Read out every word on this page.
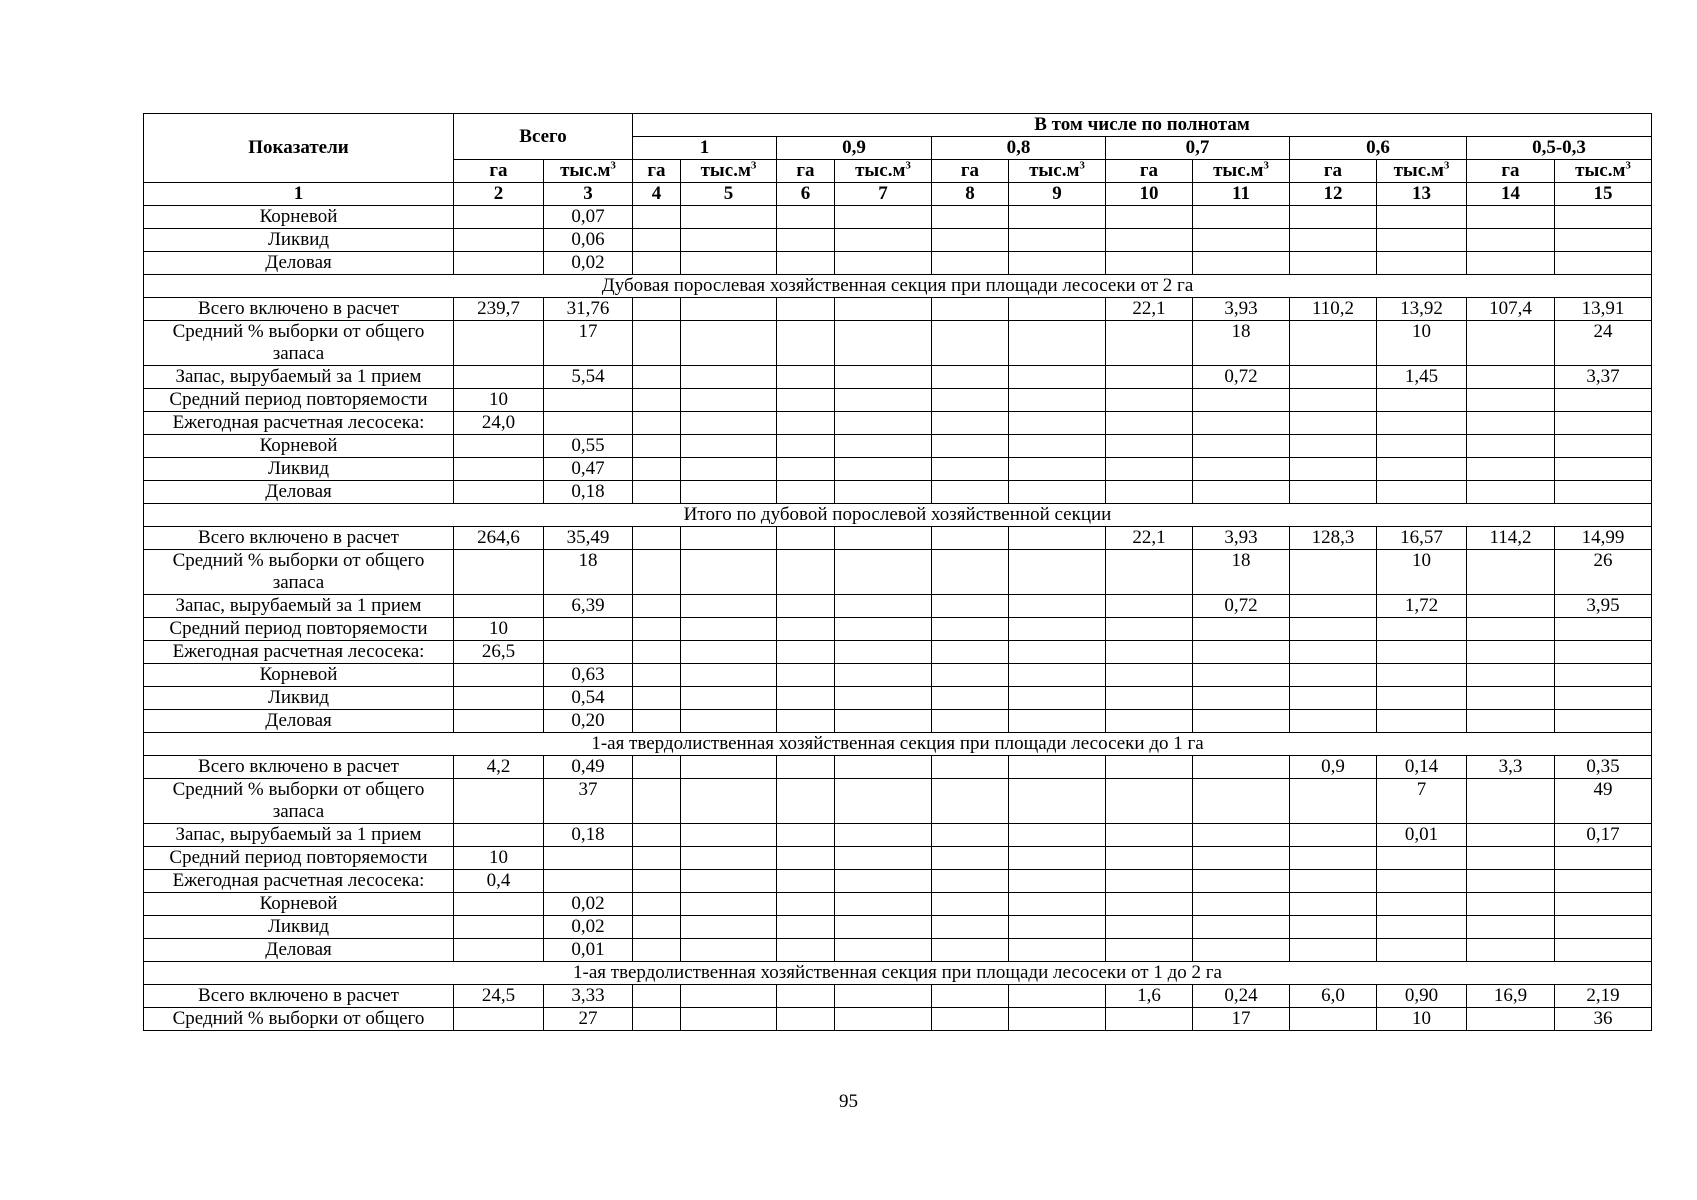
Показатели	Всего		В том числе по полнотам											
			1		0,9		0,8		0,7		0,6		0,5-0,3	
	га	$тыс.м^3$	га	$тыс.м^3$	га	$тыс.м^3$	га	$тыс.м^3$	га	$тыс.м^3$	га	$тыс.м^3$	га	$тыс.м^3$
1	2	3	4	5	6	7	8	9	10	11	12	13	14	15
Корневой		0,07												
Ликвид		0,06												
Деловая		0,02												
Дубовая порослевая хозяйственная секция при площади лесосеки от 2 га														
Всего включено в расчет	239,7	31,76							22,1	3,93	110,2	13,92	107,4	13,91
Средний % выборки от общего запаса		17								18		10		24
Запас, вырубаемый за 1 прием		5,54								0,72		1,45		3,37
Средний период повторяемости	10													
Ежегодная расчетная лесосека:	24,0													
Корневой		0,55												
Ликвид		0,47												
Деловая		0,18												
Итого по дубовой порослевой хозяйственной секции														
Всего включено в расчет	264,6	35,49							22,1	3,93	128,3	16,57	114,2	14,99
Средний % выборки от общего запаса		18								18		10		26
Запас, вырубаемый за 1 прием		6,39								0,72		1,72		3,95
Средний период повторяемости	10													
Ежегодная расчетная лесосека:	26,5													
Корневой		0,63												
Ликвид		0,54												
Деловая		0,20												
1-ая твердолиственная хозяйственная секция при площади лесосеки до 1 га														
Всего включено в расчет	4,2	0,49									0,9	0,14	3,3	0,35
Средний % выборки от общего запаса		37										7		49
Запас, вырубаемый за 1 прием		0,18										0,01		0,17
Средний период повторяемости	10													
Ежегодная расчетная лесосека:	0,4													
Корневой		0,02												
Ликвид		0,02												
Деловая		0,01												
1-ая твердолиственная хозяйственная секция при площади лесосеки от 1 до 2 га														
Всего включено в расчет	24,5	3,33							1,6	0,24	6,0	0,90	16,9	2,19
Средний % выборки от общего		27								17		10		36
95
